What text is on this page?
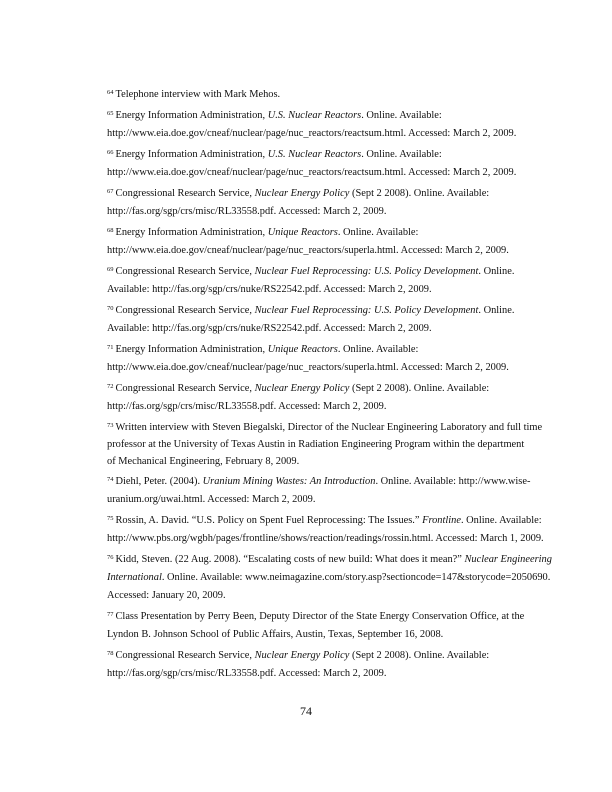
$^{64}$ Telephone interview with Mark Mehos.
$^{65}$ Energy Information Administration, U.S. Nuclear Reactors. Online. Available:
http://www.eia.doe.gov/cneaf/nuclear/page/nuc_reactors/reactsum.html. Accessed: March 2, 2009.
$^{66}$ Energy Information Administration, U.S. Nuclear Reactors. Online. Available:
http://www.eia.doe.gov/cneaf/nuclear/page/nuc_reactors/reactsum.html. Accessed: March 2, 2009.
$^{67}$ Congressional Research Service, Nuclear Energy Policy (Sept 2 2008). Online. Available:
http://fas.org/sgp/crs/misc/RL33558.pdf. Accessed: March 2, 2009.
$^{68}$ Energy Information Administration, Unique Reactors. Online. Available:
http://www.eia.doe.gov/cneaf/nuclear/page/nuc_reactors/superla.html. Accessed: March 2, 2009.
$^{69}$ Congressional Research Service, Nuclear Fuel Reprocessing: U.S. Policy Development. Online.
Available: http://fas.org/sgp/crs/nuke/RS22542.pdf. Accessed: March 2, 2009.
$^{70}$ Congressional Research Service, Nuclear Fuel Reprocessing: U.S. Policy Development. Online.
Available: http://fas.org/sgp/crs/nuke/RS22542.pdf. Accessed: March 2, 2009.
$^{71}$ Energy Information Administration, Unique Reactors. Online. Available:
http://www.eia.doe.gov/cneaf/nuclear/page/nuc_reactors/superla.html. Accessed: March 2, 2009.
$^{72}$ Congressional Research Service, Nuclear Energy Policy (Sept 2 2008). Online. Available:
http://fas.org/sgp/crs/misc/RL33558.pdf. Accessed: March 2, 2009.
$^{73}$ Written interview with Steven Biegalski, Director of the Nuclear Engineering Laboratory and full time
professor at the University of Texas Austin in Radiation Engineering Program within the department
of Mechanical Engineering, February 8, 2009.
$^{74}$ Diehl, Peter. (2004). Uranium Mining Wastes: An Introduction. Online. Available: http://www.wise-
uranium.org/uwai.html. Accessed: March 2, 2009.
$^{75}$ Rossin, A. David. “U.S. Policy on Spent Fuel Reprocessing: The Issues.” Frontline. Online. Available:
http://www.pbs.org/wgbh/pages/frontline/shows/reaction/readings/rossin.html. Accessed: March 1, 2009.
$^{76}$ Kidd, Steven. (22 Aug. 2008). “Escalating costs of new build: What does it mean?” Nuclear Engineering
International. Online. Available: www.neimagazine.com/story.asp?sectioncode=147&storycode=2050690.
Accessed: January 20, 2009.
$^{77}$ Class Presentation by Perry Been, Deputy Director of the State Energy Conservation Office, at the
Lyndon B. Johnson School of Public Affairs, Austin, Texas, September 16, 2008.
$^{78}$ Congressional Research Service, Nuclear Energy Policy (Sept 2 2008). Online. Available:
http://fas.org/sgp/crs/misc/RL33558.pdf. Accessed: March 2, 2009.
74
